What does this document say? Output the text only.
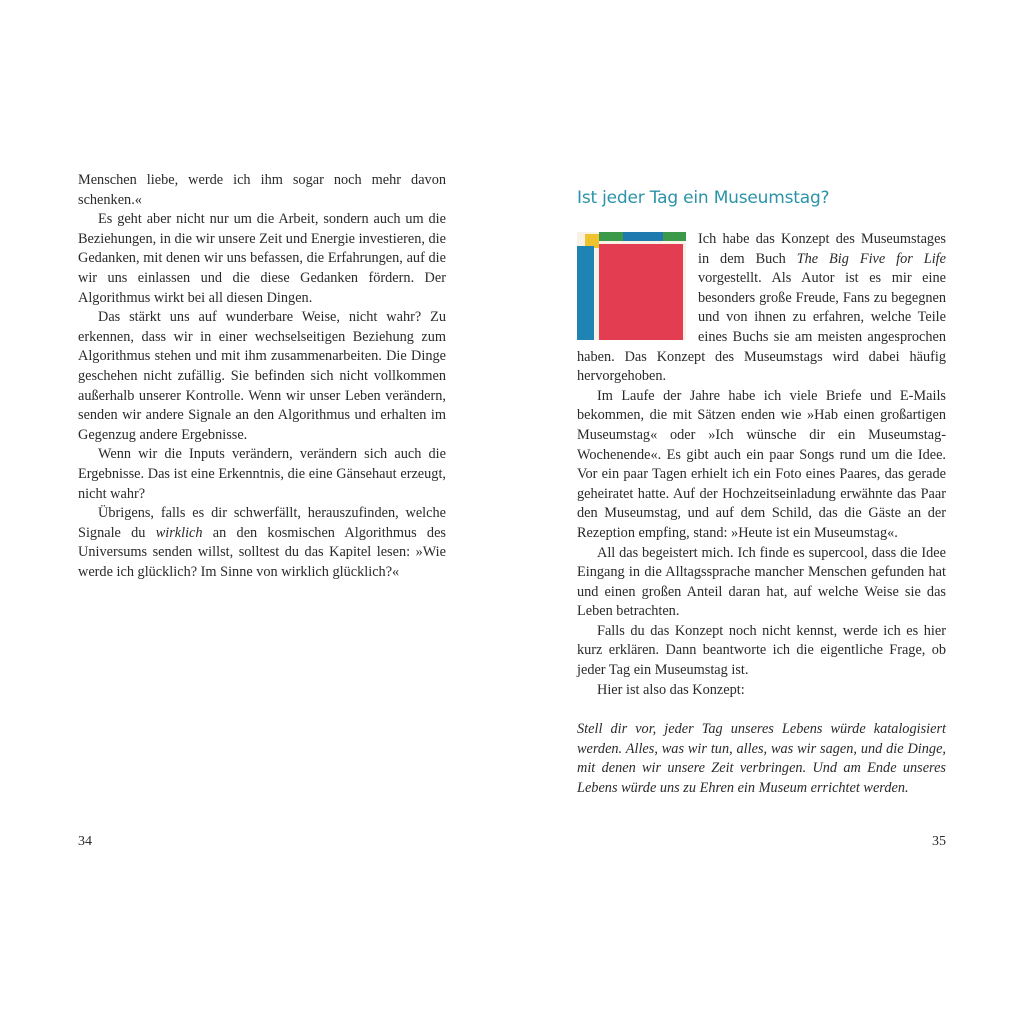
Menschen liebe, werde ich ihm sogar noch mehr davon schenken.«

Es geht aber nicht nur um die Arbeit, sondern auch um die Beziehungen, in die wir unsere Zeit und Energie investieren, die Gedanken, mit denen wir uns befassen, die Erfahrungen, auf die wir uns einlassen und die diese Gedanken fördern. Der Algorithmus wirkt bei all diesen Dingen.

Das stärkt uns auf wunderbare Weise, nicht wahr? Zu erkennen, dass wir in einer wechselseitigen Beziehung zum Algorithmus stehen und mit ihm zusammenarbeiten. Die Dinge geschehen nicht zufällig. Sie befinden sich nicht vollkommen außerhalb unserer Kontrolle. Wenn wir unser Leben verändern, senden wir andere Signale an den Algorithmus und erhalten im Gegenzug andere Ergebnisse.

Wenn wir die Inputs verändern, verändern sich auch die Ergebnisse. Das ist eine Erkenntnis, die eine Gänsehaut erzeugt, nicht wahr?

Übrigens, falls es dir schwerfällt, herauszufinden, welche Signale du wirklich an den kosmischen Algorithmus des Universums senden willst, solltest du das Kapitel lesen: »Wie werde ich glücklich? Im Sinne von wirklich glücklich?«

Ist jeder Tag ein Museumstag?

Ich habe das Konzept des Museumstages in dem Buch The Big Five for Life vorgestellt. Als Autor ist es mir eine besonders große Freude, Fans zu begegnen und von ihnen zu erfahren, welche Teile eines Buchs sie am meisten angesprochen haben. Das Konzept des Museumstags wird dabei häufig hervorgehoben.

Im Laufe der Jahre habe ich viele Briefe und E-Mails bekommen, die mit Sätzen enden wie »Hab einen großartigen Museumstag« oder »Ich wünsche dir ein Museumstag-Wochenende«. Es gibt auch ein paar Songs rund um die Idee. Vor ein paar Tagen erhielt ich ein Foto eines Paares, das gerade geheiratet hatte. Auf der Hochzeitseinladung erwähnte das Paar den Museumstag, und auf dem Schild, das die Gäste an der Rezeption empfing, stand: »Heute ist ein Museumstag«.

All das begeistert mich. Ich finde es supercool, dass die Idee Eingang in die Alltagssprache mancher Menschen gefunden hat und einen großen Anteil daran hat, auf welche Weise sie das Leben betrachten.

Falls du das Konzept noch nicht kennst, werde ich es hier kurz erklären. Dann beantworte ich die eigentliche Frage, ob jeder Tag ein Museumstag ist.

Hier ist also das Konzept:

Stell dir vor, jeder Tag unseres Lebens würde katalogisiert werden. Alles, was wir tun, alles, was wir sagen, und die Dinge, mit denen wir unsere Zeit verbringen. Und am Ende unseres Lebens würde uns zu Ehren ein Museum errichtet werden.

34	35
